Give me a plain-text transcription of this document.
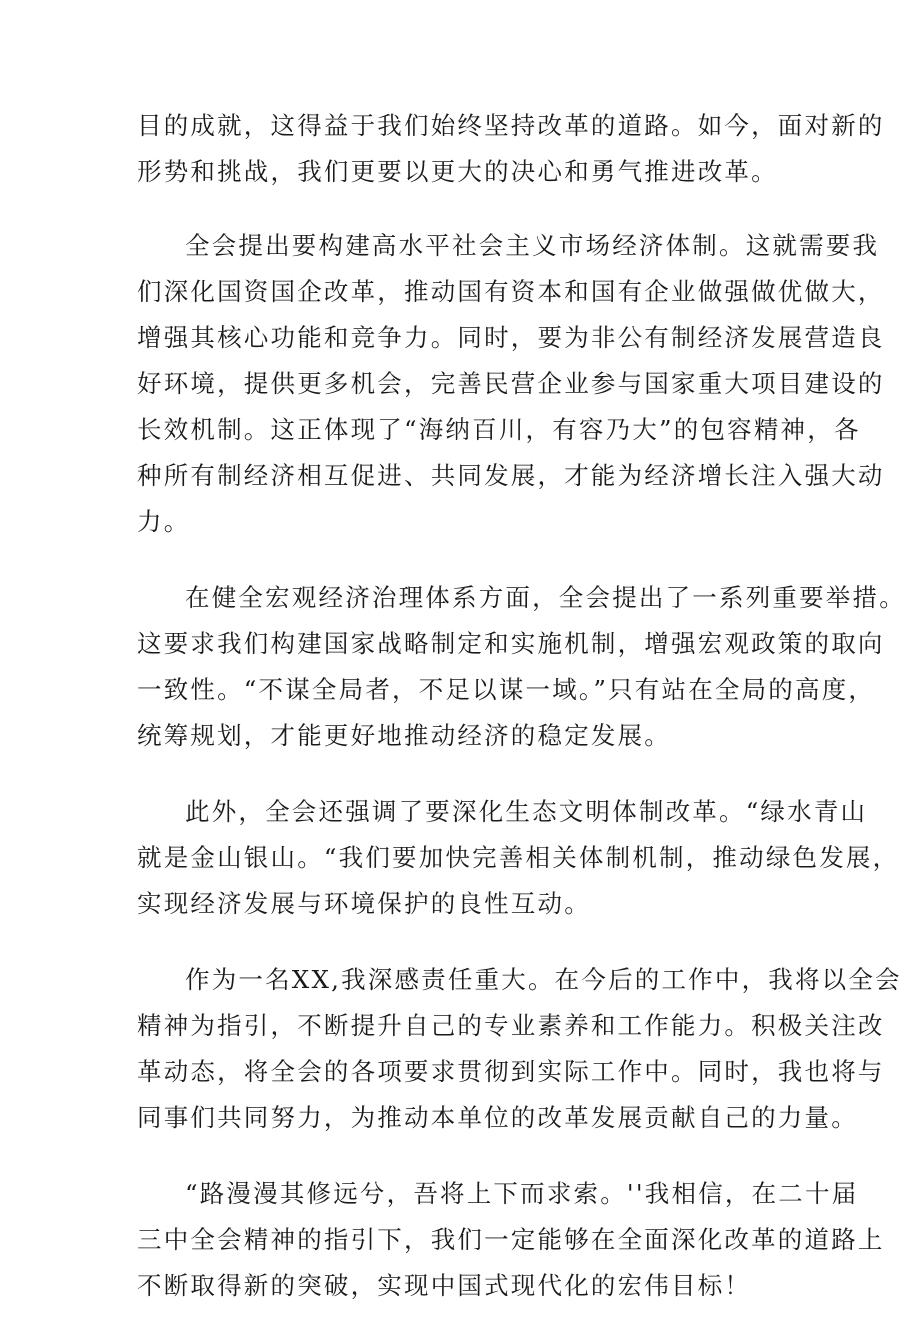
目的成就，这得益于我们始终坚持改革的道路。如今，面对新的
形势和挑战，我们更要以更大的决心和勇气推进改革。
全会提出要构建高水平社会主义市场经济体制。这就需要我
们深化国资国企改革，推动国有资本和国有企业做强做优做大，
增强其核心功能和竞争力。同时，要为非公有制经济发展营造良
好环境，提供更多机会，完善民营企业参与国家重大项目建设的
长效机制。这正体现了“海纳百川，有容乃大”的包容精神，各
种所有制经济相互促进、共同发展，才能为经济增长注入强大动
力。
在健全宏观经济治理体系方面，全会提出了一系列重要举措。
这要求我们构建国家战略制定和实施机制，增强宏观政策的取向
一致性。“不谋全局者，不足以谋一域。”只有站在全局的高度，
统筹规划，才能更好地推动经济的稳定发展。
此外，全会还强调了要深化生态文明体制改革。“绿水青山
就是金山银山。“我们要加快完善相关体制机制，推动绿色发展，
实现经济发展与环境保护的良性互动。
作为一名XX,我深感责任重大。在今后的工作中，我将以全会
精神为指引，不断提升自己的专业素养和工作能力。积极关注改
革动态，将全会的各项要求贯彻到实际工作中。同时，我也将与
同事们共同努力，为推动本单位的改革发展贡献自己的力量。
“路漫漫其修远兮，吾将上下而求索。''我相信，在二十届
三中全会精神的指引下，我们一定能够在全面深化改革的道路上
不断取得新的突破，实现中国式现代化的宏伟目标！
